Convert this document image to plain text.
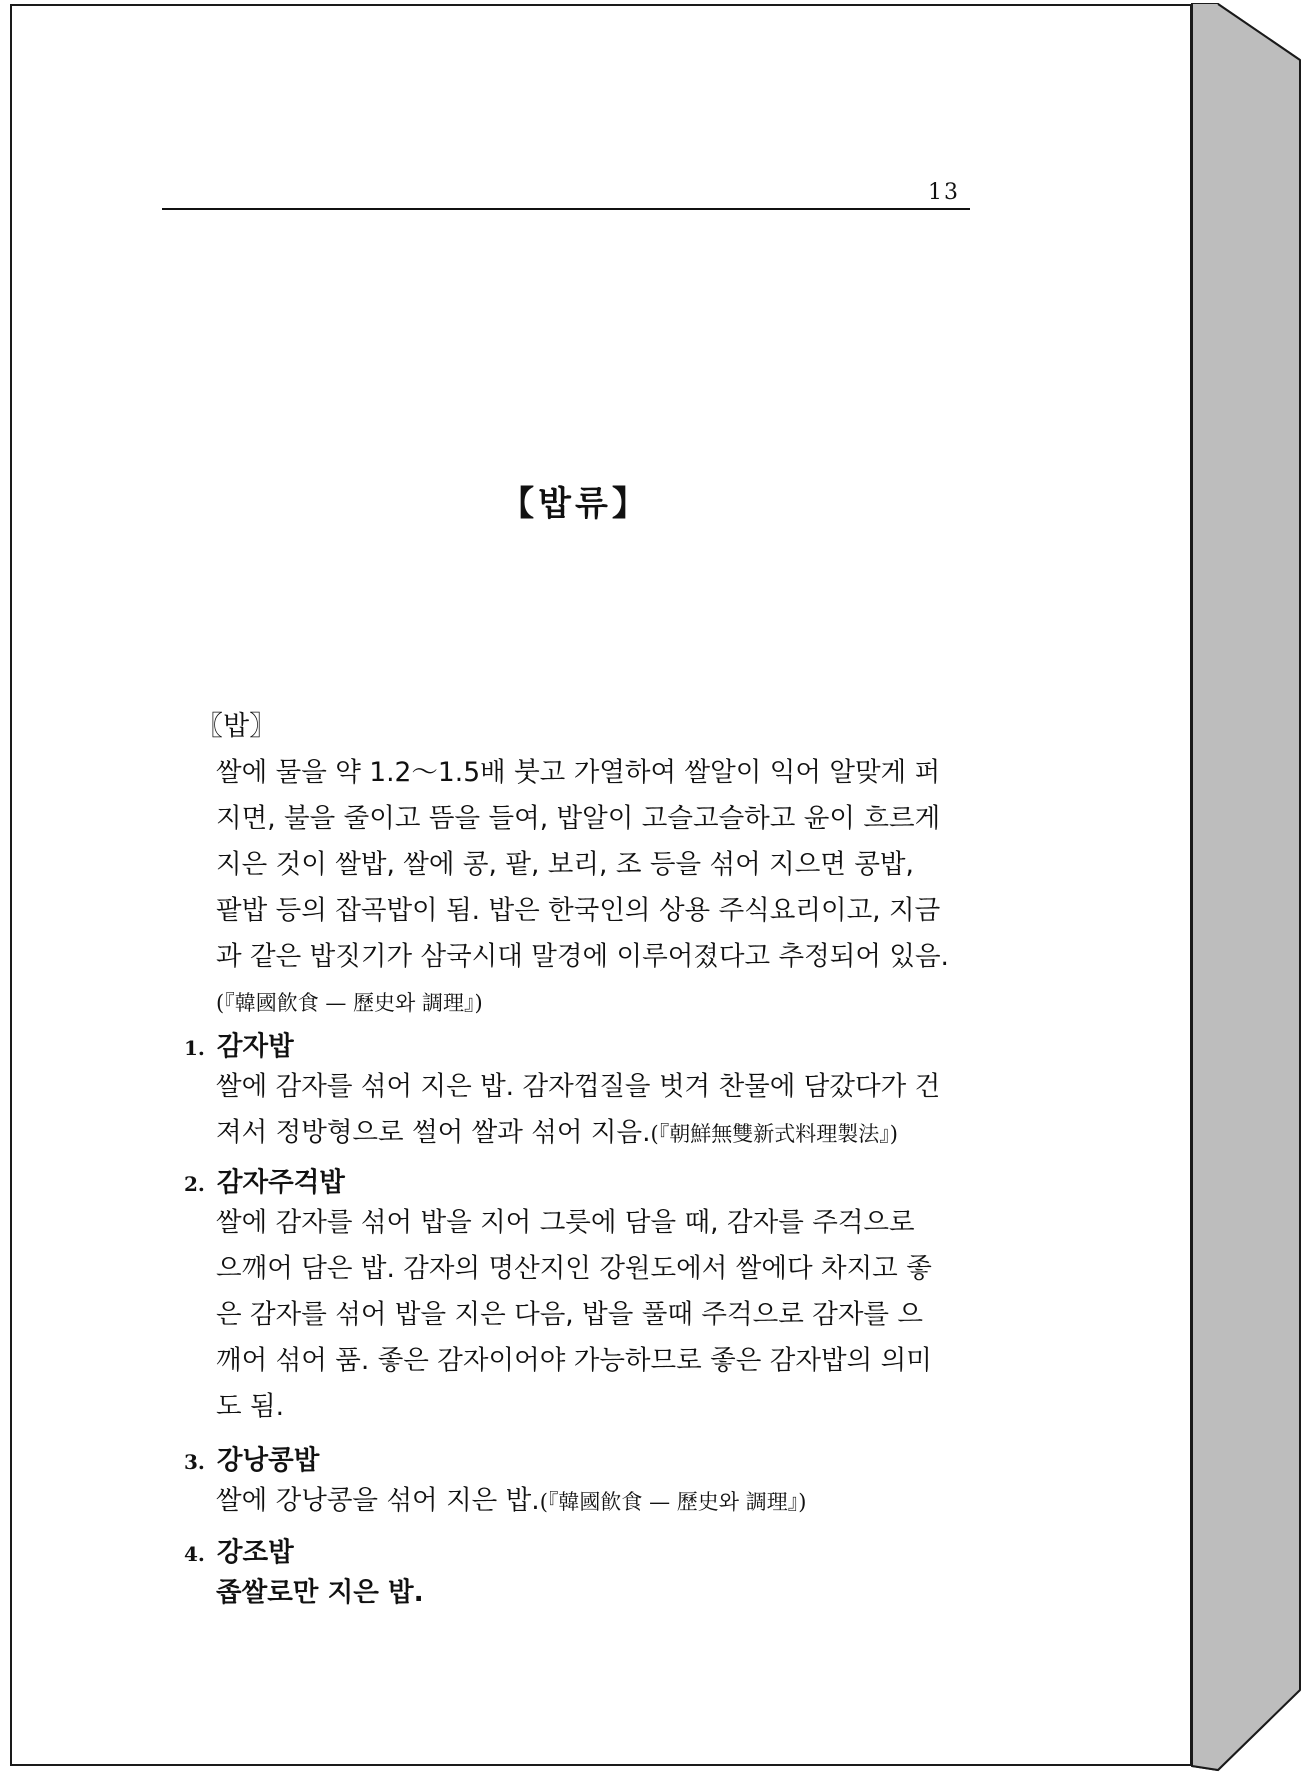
13
【밥류】
〖밥〗
쌀에 물을 약 1.2～1.5배 붓고 가열하여 쌀알이 익어 알맞게 퍼
지면, 불을 줄이고 뜸을 들여, 밥알이 고슬고슬하고 윤이 흐르게
지은 것이 쌀밥, 쌀에 콩, 팥, 보리, 조 등을 섞어 지으면 콩밥,
팥밥 등의 잡곡밥이 됨. 밥은 한국인의 상용 주식요리이고, 지금
과 같은 밥짓기가 삼국시대 말경에 이루어졌다고 추정되어 있음.
(『韓國飮食 — 歷史와 調理』)
1. 감자밥
쌀에 감자를 섞어 지은 밥. 감자껍질을 벗겨 찬물에 담갔다가 건
져서 정방형으로 썰어 쌀과 섞어 지음.(『朝鮮無雙新式料理製法』)
2. 감자주걱밥
쌀에 감자를 섞어 밥을 지어 그릇에 담을 때, 감자를 주걱으로
으깨어 담은 밥. 감자의 명산지인 강원도에서 쌀에다 차지고 좋
은 감자를 섞어 밥을 지은 다음, 밥을 풀때 주걱으로 감자를 으
깨어 섞어 품. 좋은 감자이어야 가능하므로 좋은 감자밥의 의미
도 됨.
3. 강낭콩밥
쌀에 강낭콩을 섞어 지은 밥.(『韓國飮食 — 歷史와 調理』)
4. 강조밥
좁쌀로만 지은 밥.
